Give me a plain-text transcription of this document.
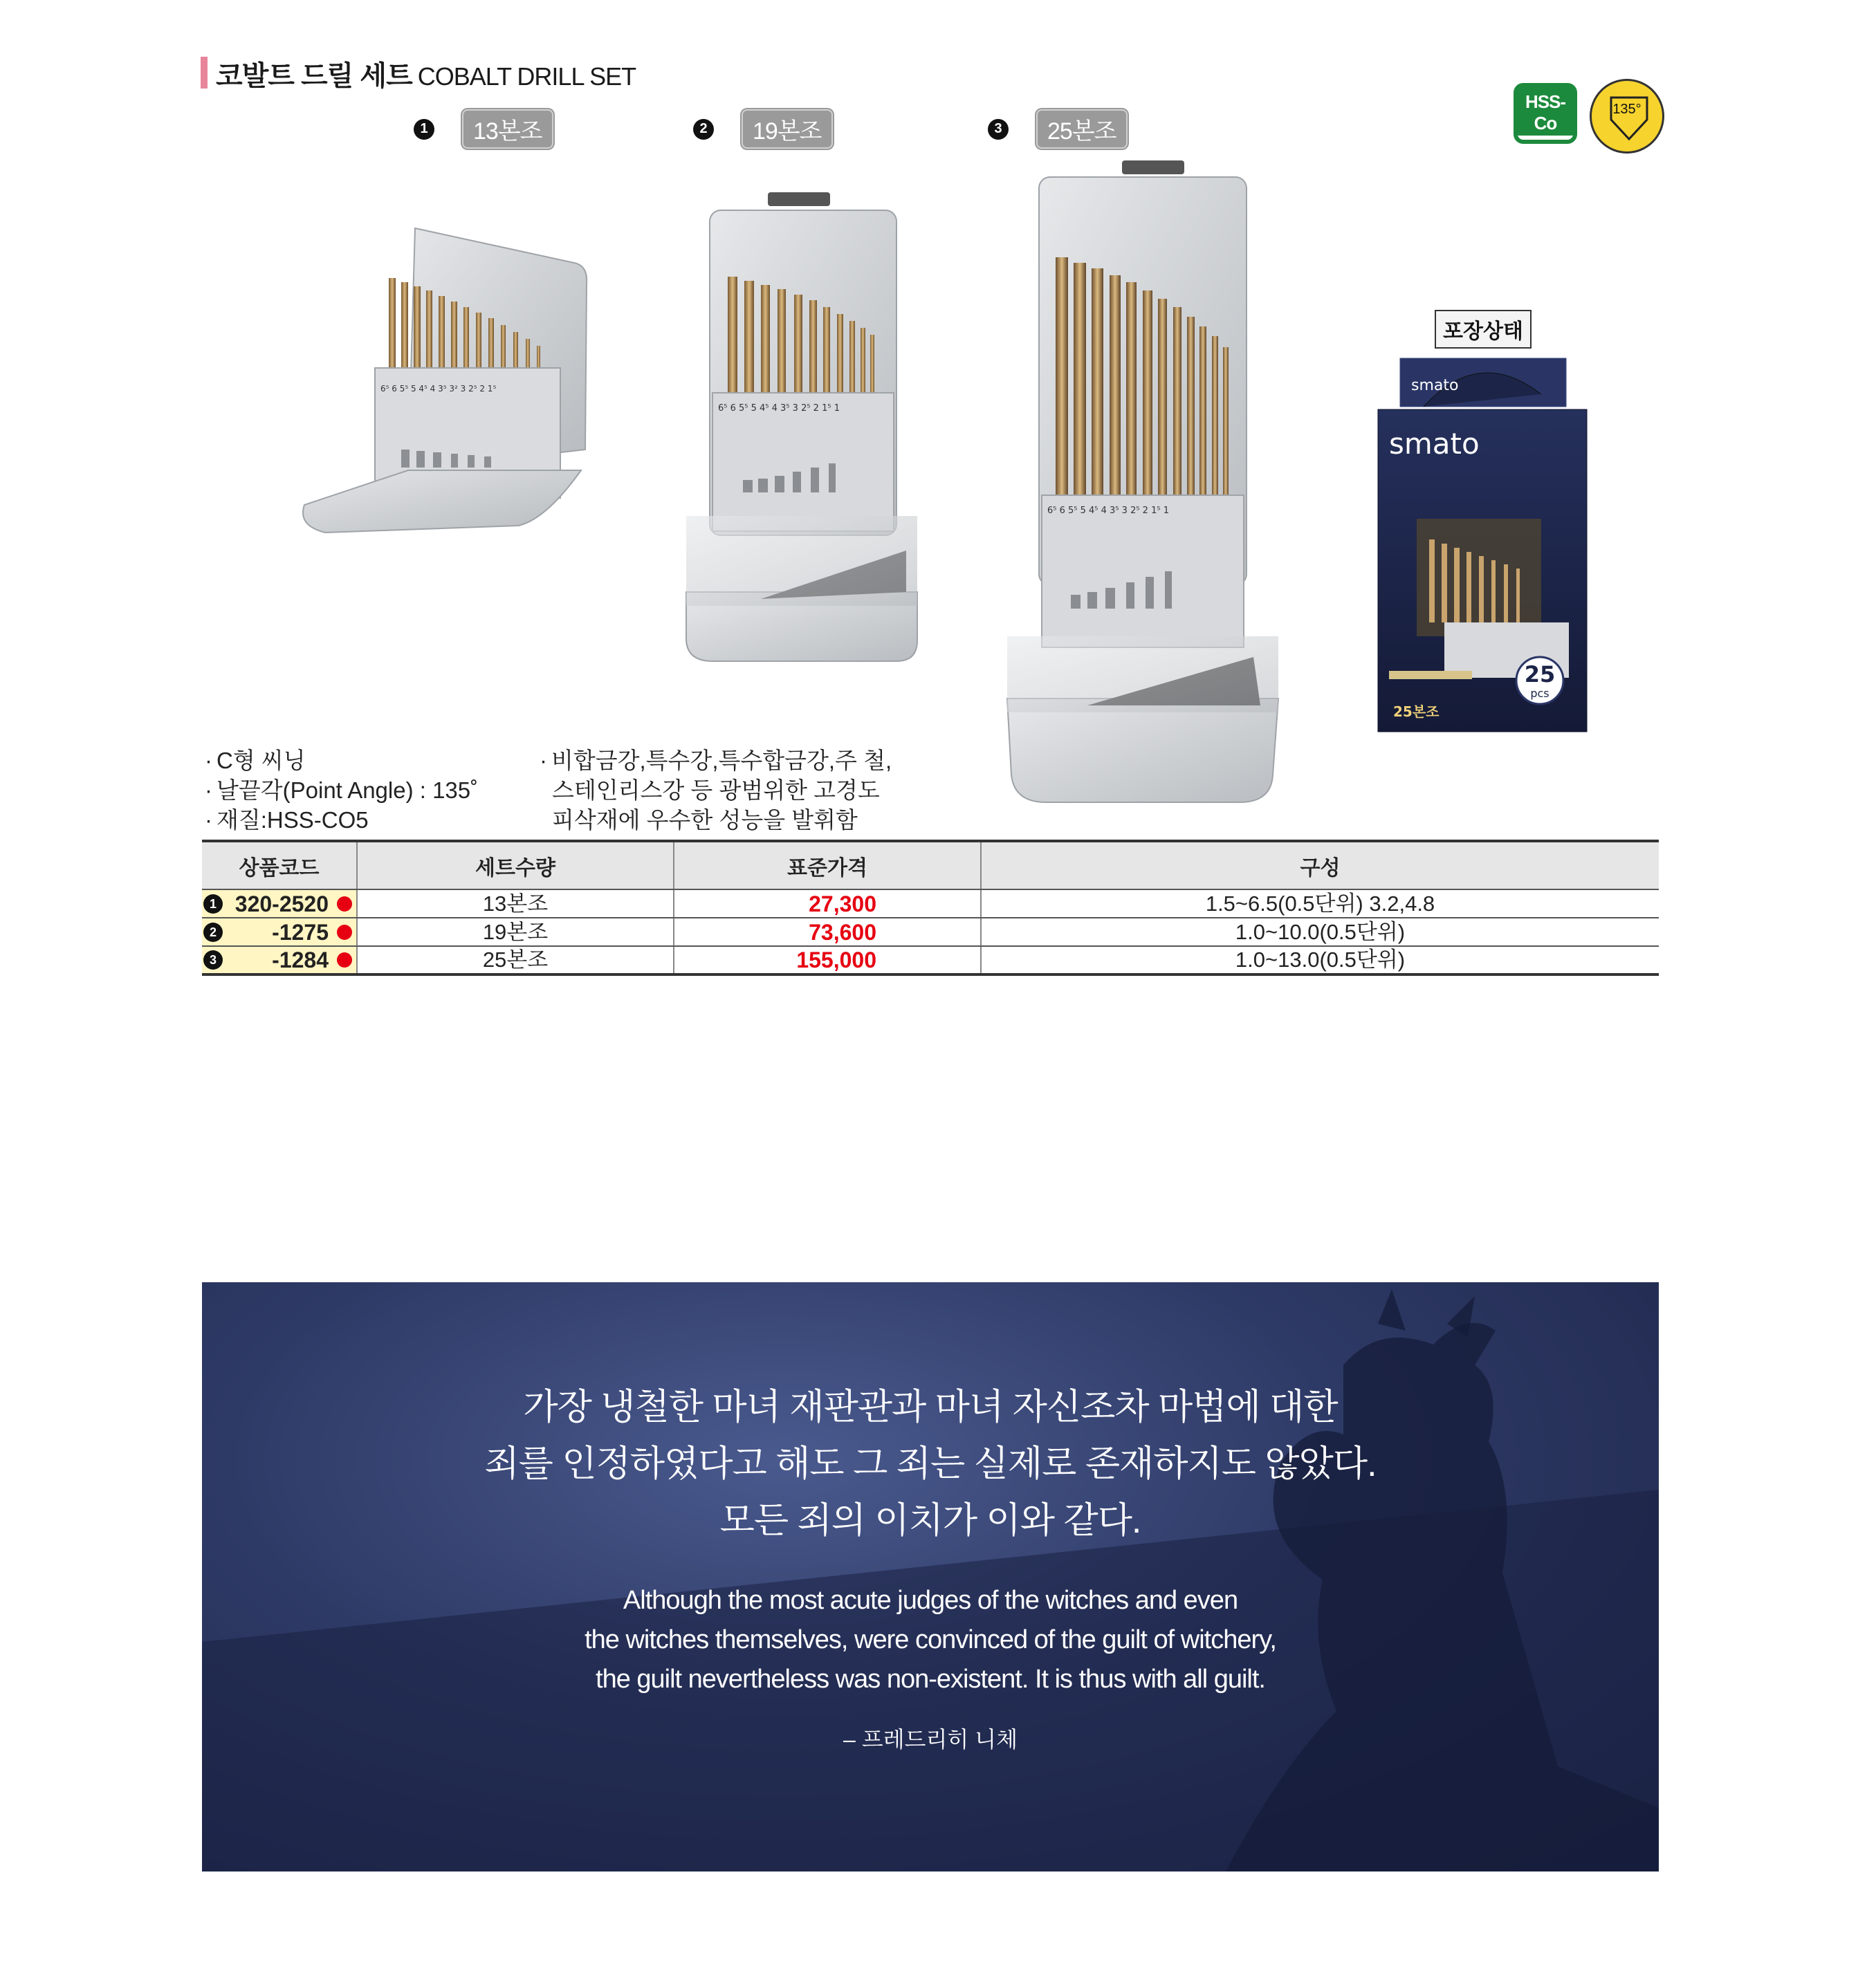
코발트 드릴 세트 COBALT DRILL SET
HSS-Co
135°
1	13본조	2	19본조	3	25본조
6⁵ 6 5⁵ 5 4⁵ 4 3⁵ 3² 3 2⁵ 2 1⁵
6⁵ 6 5⁵ 5 4⁵ 4 3⁵ 3 2⁵ 2 1⁵ 1
6⁵ 6 5⁵ 5 4⁵ 4 3⁵ 3 2⁵ 2 1⁵ 1
포장상태
smato
smato
25
pcs
25본조
· C형 씨닝
· 날끝각(Point Angle) : 135˚
· 재질:HSS-CO5
· 비합금강,특수강,특수합금강,주 철,
스테인리스강 등 광범위한 고경도
피삭재에 우수한 성능을 발휘함
상품코드	세트수량	표준가격	구성

1 320-2520	13본조	27,300	1.5~6.5(0.5단위) 3.2,4.8

2 -1275	19본조	73,600	1.0~10.0(0.5단위)

3 -1284	25본조	155,000	1.0~13.0(0.5단위)
가장 냉철한 마녀 재판관과 마녀 자신조차 마법에 대한
죄를 인정하였다고 해도 그 죄는 실제로 존재하지도 않았다.
모든 죄의 이치가 이와 같다.
Although the most acute judges of the witches and even
the witches themselves, were convinced of the guilt of witchery,
the guilt nevertheless was non-existent. It is thus with all guilt.
– 프레드리히 니체
